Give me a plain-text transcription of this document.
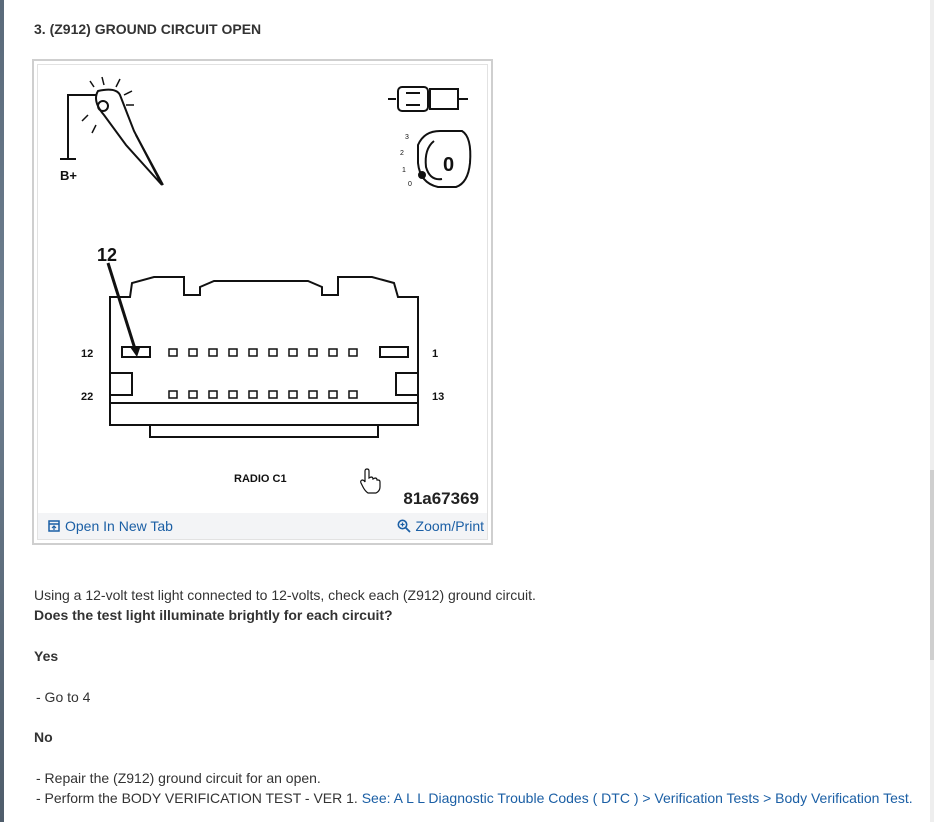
3. (Z912) GROUND CIRCUIT OPEN
B+
12
12	1
22	13
RADIO C1
0
3
2
1
0
81a67369
Open In New Tab	Zoom/Print
Using a 12-volt test light connected to 12-volts, check each (Z912) ground circuit.
Does the test light illuminate brightly for each circuit?
Yes
- Go to 4
No
- Repair the (Z912) ground circuit for an open.
- Perform the BODY VERIFICATION TEST - VER 1. See: A L L Diagnostic Trouble Codes ( DTC ) > Verification Tests > Body Verification Test.
